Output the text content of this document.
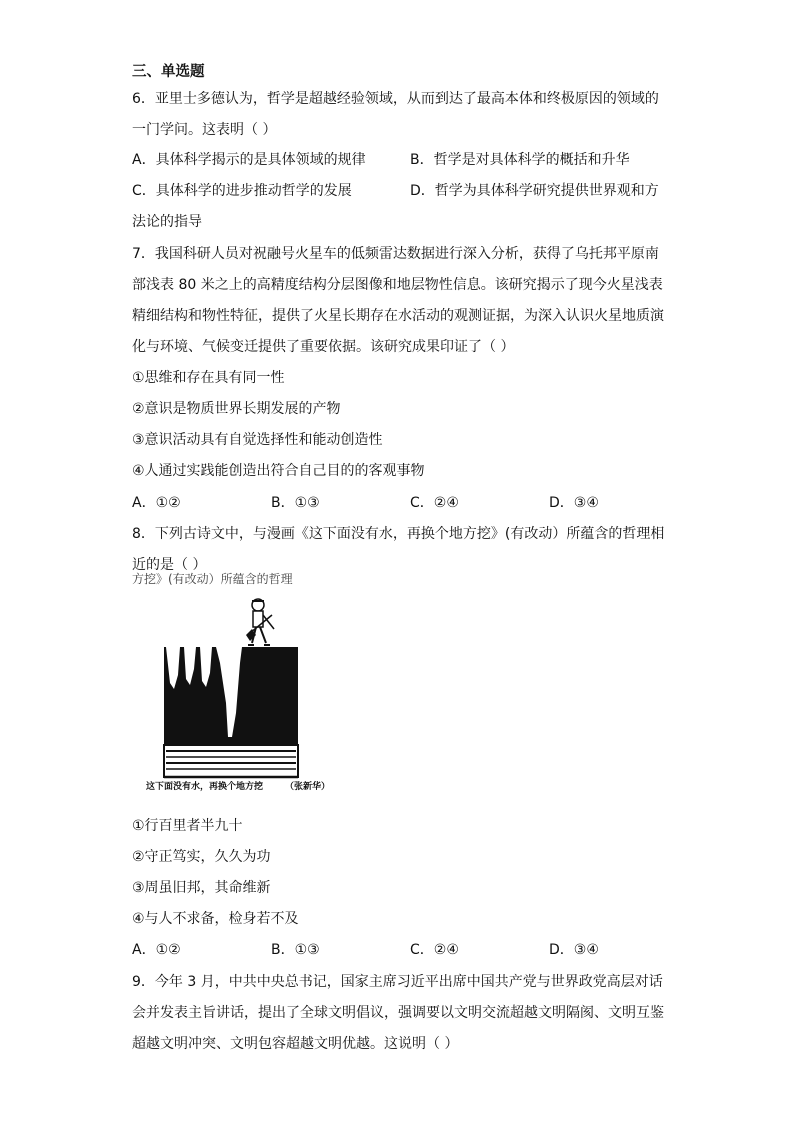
三、单选题
6．亚里士多德认为，哲学是超越经验领域，从而到达了最高本体和终极原因的领域的
一门学问。这表明（ ）
A．具体科学揭示的是具体领域的规律	B．哲学是对具体科学的概括和升华
C．具体科学的进步推动哲学的发展	D．哲学为具体科学研究提供世界观和方
法论的指导
7．我国科研人员对祝融号火星车的低频雷达数据进行深入分析，获得了乌托邦平原南
部浅表 80 米之上的高精度结构分层图像和地层物性信息。该研究揭示了现今火星浅表
精细结构和物性特征，提供了火星长期存在水活动的观测证据，为深入认识火星地质演
化与环境、气候变迁提供了重要依据。该研究成果印证了（ ）
①思维和存在具有同一性
②意识是物质世界长期发展的产物
③意识活动具有自觉选择性和能动创造性
④人通过实践能创造出符合自己目的的客观事物
A．①②	B．①③	C．②④	D．③④
8．下列古诗文中，与漫画《这下面没有水，再换个地方挖》(有改动）所蕴含的哲理相
近的是（ ）
方挖》(有改动）所蕴含的哲理
这下面没有水，再换个地方挖 （张新华）
①行百里者半九十
②守正笃实，久久为功
③周虽旧邦，其命维新
④与人不求备，检身若不及
A．①②	B．①③	C．②④	D．③④
9．今年 3 月，中共中央总书记，国家主席习近平出席中国共产党与世界政党高层对话
会并发表主旨讲话，提出了全球文明倡议，强调要以文明交流超越文明隔阂、文明互鉴
超越文明冲突、文明包容超越文明优越。这说明（ ）
